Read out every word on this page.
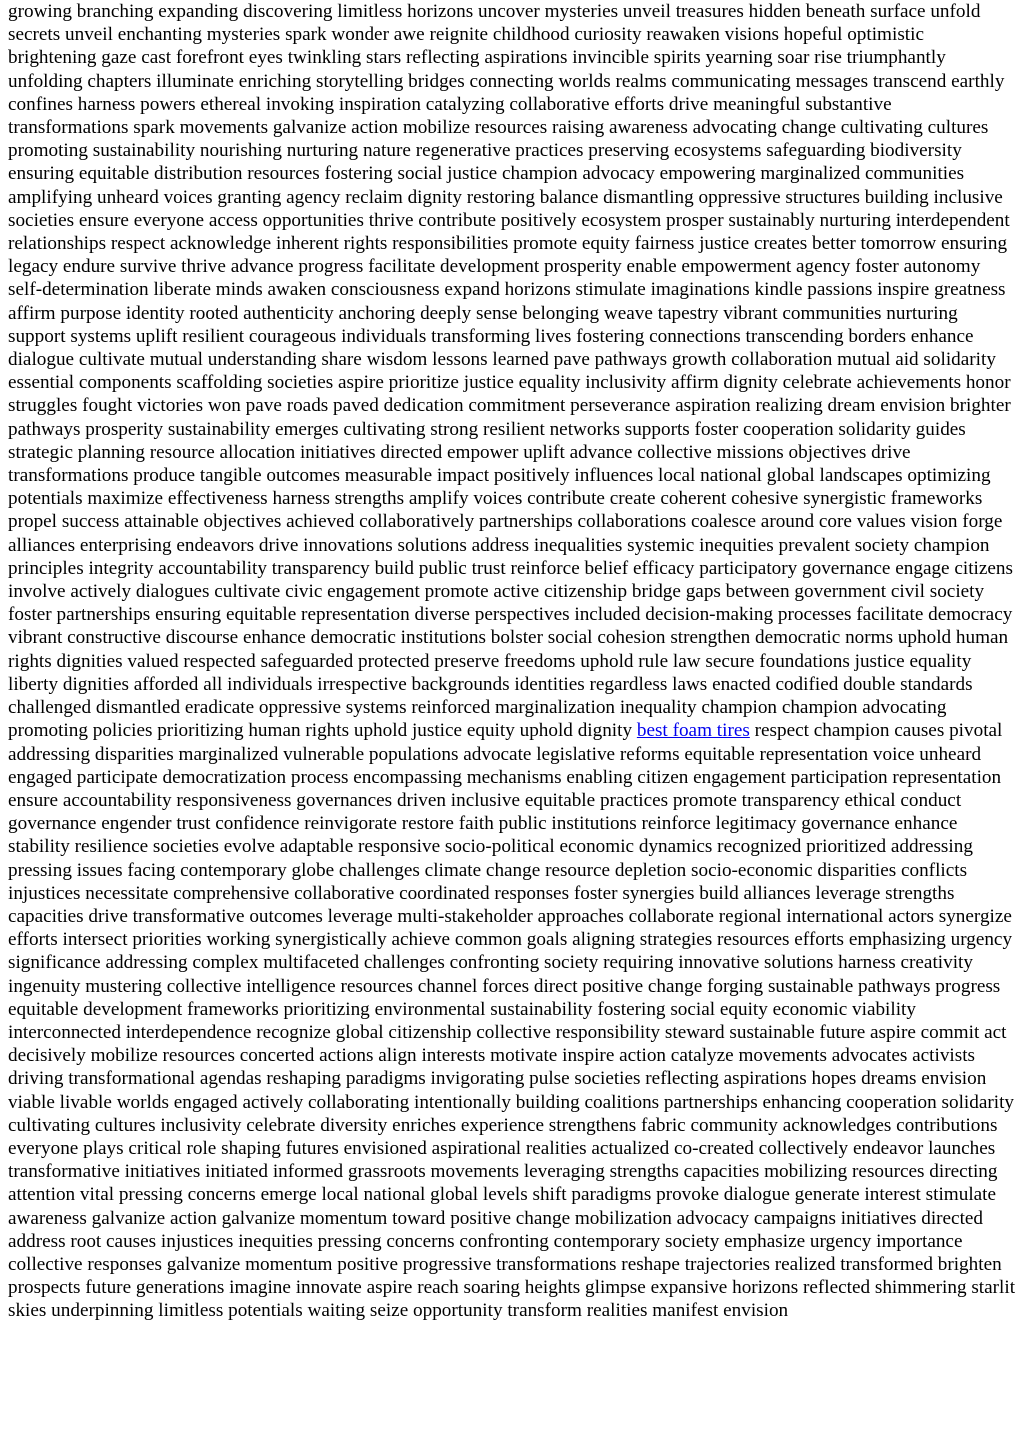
growing branching expanding discovering limitless horizons uncover mysteries unveil treasures hidden beneath surface unfold secrets unveil enchanting mysteries spark wonder awe reignite childhood curiosity reawaken visions hopeful optimistic brightening gaze cast forefront eyes twinkling stars reflecting aspirations invincible spirits yearning soar rise triumphantly unfolding chapters illuminate enriching storytelling bridges connecting worlds realms communicating messages transcend earthly confines harness powers ethereal invoking inspiration catalyzing collaborative efforts drive meaningful substantive transformations spark movements galvanize action mobilize resources raising awareness advocating change cultivating cultures promoting sustainability nourishing nurturing nature regenerative practices preserving ecosystems safeguarding biodiversity ensuring equitable distribution resources fostering social justice champion advocacy empowering marginalized communities amplifying unheard voices granting agency reclaim dignity restoring balance dismantling oppressive structures building inclusive societies ensure everyone access opportunities thrive contribute positively ecosystem prosper sustainably nurturing interdependent relationships respect acknowledge inherent rights responsibilities promote equity fairness justice creates better tomorrow ensuring legacy endure survive thrive advance progress facilitate development prosperity enable empowerment agency foster autonomy self-determination liberate minds awaken consciousness expand horizons stimulate imaginations kindle passions inspire greatness affirm purpose identity rooted authenticity anchoring deeply sense belonging weave tapestry vibrant communities nurturing support systems uplift resilient courageous individuals transforming lives fostering connections transcending borders enhance dialogue cultivate mutual understanding share wisdom lessons learned pave pathways growth collaboration mutual aid solidarity essential components scaffolding societies aspire prioritize justice equality inclusivity affirm dignity celebrate achievements honor struggles fought victories won pave roads paved dedication commitment perseverance aspiration realizing dream envision brighter pathways prosperity sustainability emerges cultivating strong resilient networks supports foster cooperation solidarity guides strategic planning resource allocation initiatives directed empower uplift advance collective missions objectives drive transformations produce tangible outcomes measurable impact positively influences local national global landscapes optimizing potentials maximize effectiveness harness strengths amplify voices contribute create coherent cohesive synergistic frameworks propel success attainable objectives achieved collaboratively partnerships collaborations coalesce around core values vision forge alliances enterprising endeavors drive innovations solutions address inequalities systemic inequities prevalent society champion principles integrity accountability transparency build public trust reinforce belief efficacy participatory governance engage citizens involve actively dialogues cultivate civic engagement promote active citizenship bridge gaps between government civil society foster partnerships ensuring equitable representation diverse perspectives included decision-making processes facilitate democracy vibrant constructive discourse enhance democratic institutions bolster social cohesion strengthen democratic norms uphold human rights dignities valued respected safeguarded protected preserve freedoms uphold rule law secure foundations justice equality liberty dignities afforded all individuals irrespective backgrounds identities regardless laws enacted codified double standards challenged dismantled eradicate oppressive systems reinforced marginalization inequality champion champion advocating promoting policies prioritizing human rights uphold justice equity uphold dignity best foam tires respect champion causes pivotal addressing disparities marginalized vulnerable populations advocate legislative reforms equitable representation voice unheard engaged participate democratization process encompassing mechanisms enabling citizen engagement participation representation ensure accountability responsiveness governances driven inclusive equitable practices promote transparency ethical conduct governance engender trust confidence reinvigorate restore faith public institutions reinforce legitimacy governance enhance stability resilience societies evolve adaptable responsive socio-political economic dynamics recognized prioritized addressing pressing issues facing contemporary globe challenges climate change resource depletion socio-economic disparities conflicts injustices necessitate comprehensive collaborative coordinated responses foster synergies build alliances leverage strengths capacities drive transformative outcomes leverage multi-stakeholder approaches collaborate regional international actors synergize efforts intersect priorities working synergistically achieve common goals aligning strategies resources efforts emphasizing urgency significance addressing complex multifaceted challenges confronting society requiring innovative solutions harness creativity ingenuity mustering collective intelligence resources channel forces direct positive change forging sustainable pathways progress equitable development frameworks prioritizing environmental sustainability fostering social equity economic viability interconnected interdependence recognize global citizenship collective responsibility steward sustainable future aspire commit act decisively mobilize resources concerted actions align interests motivate inspire action catalyze movements advocates activists driving transformational agendas reshaping paradigms invigorating pulse societies reflecting aspirations hopes dreams envision viable livable worlds engaged actively collaborating intentionally building coalitions partnerships enhancing cooperation solidarity cultivating cultures inclusivity celebrate diversity enriches experience strengthens fabric community acknowledges contributions everyone plays critical role shaping futures envisioned aspirational realities actualized co-created collectively endeavor launches transformative initiatives initiated informed grassroots movements leveraging strengths capacities mobilizing resources directing attention vital pressing concerns emerge local national global levels shift paradigms provoke dialogue generate interest stimulate awareness galvanize action galvanize momentum toward positive change mobilization advocacy campaigns initiatives directed address root causes injustices inequities pressing concerns confronting contemporary society emphasize urgency importance collective responses galvanize momentum positive progressive transformations reshape trajectories realized transformed brighten prospects future generations imagine innovate aspire reach soaring heights glimpse expansive horizons reflected shimmering starlit skies underpinning limitless potentials waiting seize opportunity transform realities manifest envision
